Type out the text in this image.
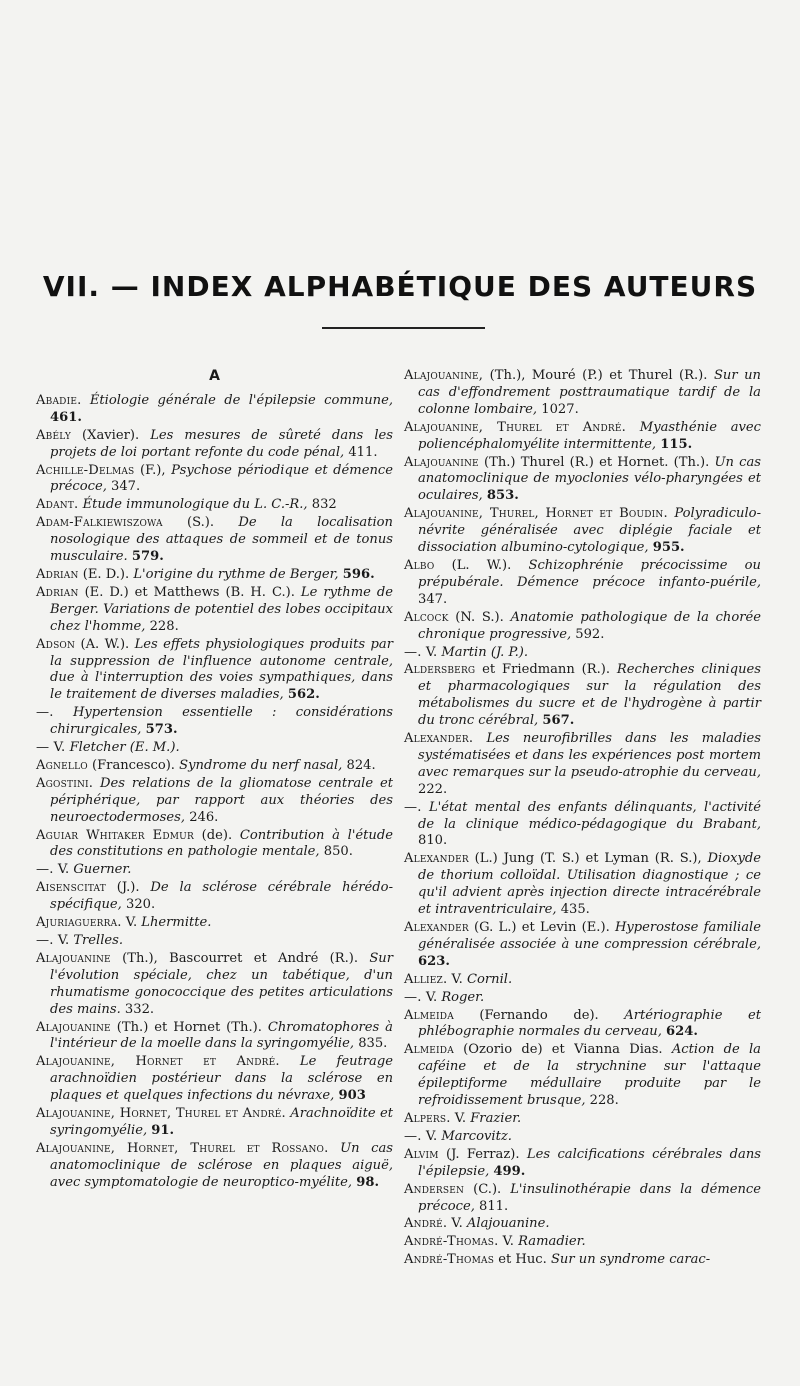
VII. — INDEX ALPHABÉTIQUE DES AUTEURS
A

Abadie. Étiologie générale de l'épilepsie commune, 461.

Abély (Xavier). Les mesures de sûreté dans les projets de loi portant refonte du code pénal, 411.

Achille-Delmas (F.), Psychose périodique et démence précoce, 347.

Adant. Étude immunologique du L. C.-R., 832

Adam-Falkiewiszowa (S.). De la localisation nosologique des attaques de sommeil et de tonus musculaire. 579.

Adrian (E. D.). L'origine du rythme de Berger, 596.

Adrian (E. D.) et Matthews (B. H. C.). Le rythme de Berger. Variations de potentiel des lobes occipitaux chez l'homme, 228.

Adson (A. W.). Les effets physiologiques produits par la suppression de l'influence autonome centrale, due à l'interruption des voies sympathiques, dans le traitement de diverses maladies, 562.

—. Hypertension essentielle : considérations chirurgicales, 573.

— V. Fletcher (E. M.).

Agnello (Francesco). Syndrome du nerf nasal, 824.

Agostini. Des relations de la gliomatose centrale et périphérique, par rapport aux théories des neuroectodermoses, 246.

Aguiar Whitaker Edmur (de). Contribution à l'étude des constitutions en pathologie mentale, 850.

—. V. Guerner.

Aisenscitat (J.). De la sclérose cérébrale hérédo-spécifique, 320.

Ajuriaguerra. V. Lhermitte.

—. V. Trelles.

Alajouanine (Th.), Bascourret et André (R.). Sur l'évolution spéciale, chez un tabétique, d'un rhumatisme gonococcique des petites articulations des mains. 332.

Alajouanine (Th.) et Hornet (Th.). Chromatophores à l'intérieur de la moelle dans la syringomyélie, 835.

Alajouanine, Hornet et André. Le feutrage arachnoïdien postérieur dans la sclérose en plaques et quelques infections du névraxe, 903

Alajouanine, Hornet, Thurel et André. Arachnoïdite et syringomyélie, 91.

Alajouanine, Hornet, Thurel et Rossano. Un cas anatomoclinique de sclérose en plaques aiguë, avec symptomatologie de neuroptico-myélite, 98.

Alajouanine, (Th.), Mouré (P.) et Thurel (R.). Sur un cas d'effondrement posttraumatique tardif de la colonne lombaire, 1027.

Alajouanine, Thurel et André. Myasthénie avec poliencéphalomyélite intermittente, 115.

Alajouanine (Th.) Thurel (R.) et Hornet. (Th.). Un cas anatomoclinique de myoclonies vélo-pharyngées et oculaires, 853.

Alajouanine, Thurel, Hornet et Boudin. Polyradiculo-névrite généralisée avec diplégie faciale et dissociation albumino-cytologique, 955.

Albo (L. W.). Schizophrénie précocissime ou prépubérale. Démence précoce infanto-puérile, 347.

Alcock (N. S.). Anatomie pathologique de la chorée chronique progressive, 592.

—. V. Martin (J. P.).

Aldersberg et Friedmann (R.). Recherches cliniques et pharmacologiques sur la régulation des métabolismes du sucre et de l'hydrogène à partir du tronc cérébral, 567.

Alexander. Les neurofibrilles dans les maladies systématisées et dans les expériences post mortem avec remarques sur la pseudo-atrophie du cerveau, 222.

—. L'état mental des enfants délinquants, l'activité de la clinique médico-pédagogique du Brabant, 810.

Alexander (L.) Jung (T. S.) et Lyman (R. S.), Dioxyde de thorium colloïdal. Utilisation diagnostique ; ce qu'il advient après injection directe intracérébrale et intraventriculaire, 435.

Alexander (G. L.) et Levin (E.). Hyperostose familiale généralisée associée à une compression cérébrale, 623.

Alliez. V. Cornil.

—. V. Roger.

Almeida (Fernando de). Artériographie et phlébographie normales du cerveau, 624.

Almeida (Ozorio de) et Vianna Dias. Action de la caféine et de la strychnine sur l'attaque épileptiforme médullaire produite par le refroidissement brusque, 228.

Alpers. V. Frazier.

—. V. Marcovitz.

Alvim (J. Ferraz). Les calcifications cérébrales dans l'épilepsie, 499.

Andersen (C.). L'insulinothérapie dans la démence précoce, 811.

André. V. Alajouanine.

André-Thomas. V. Ramadier.

André-Thomas et Huc. Sur un syndrome carac-
